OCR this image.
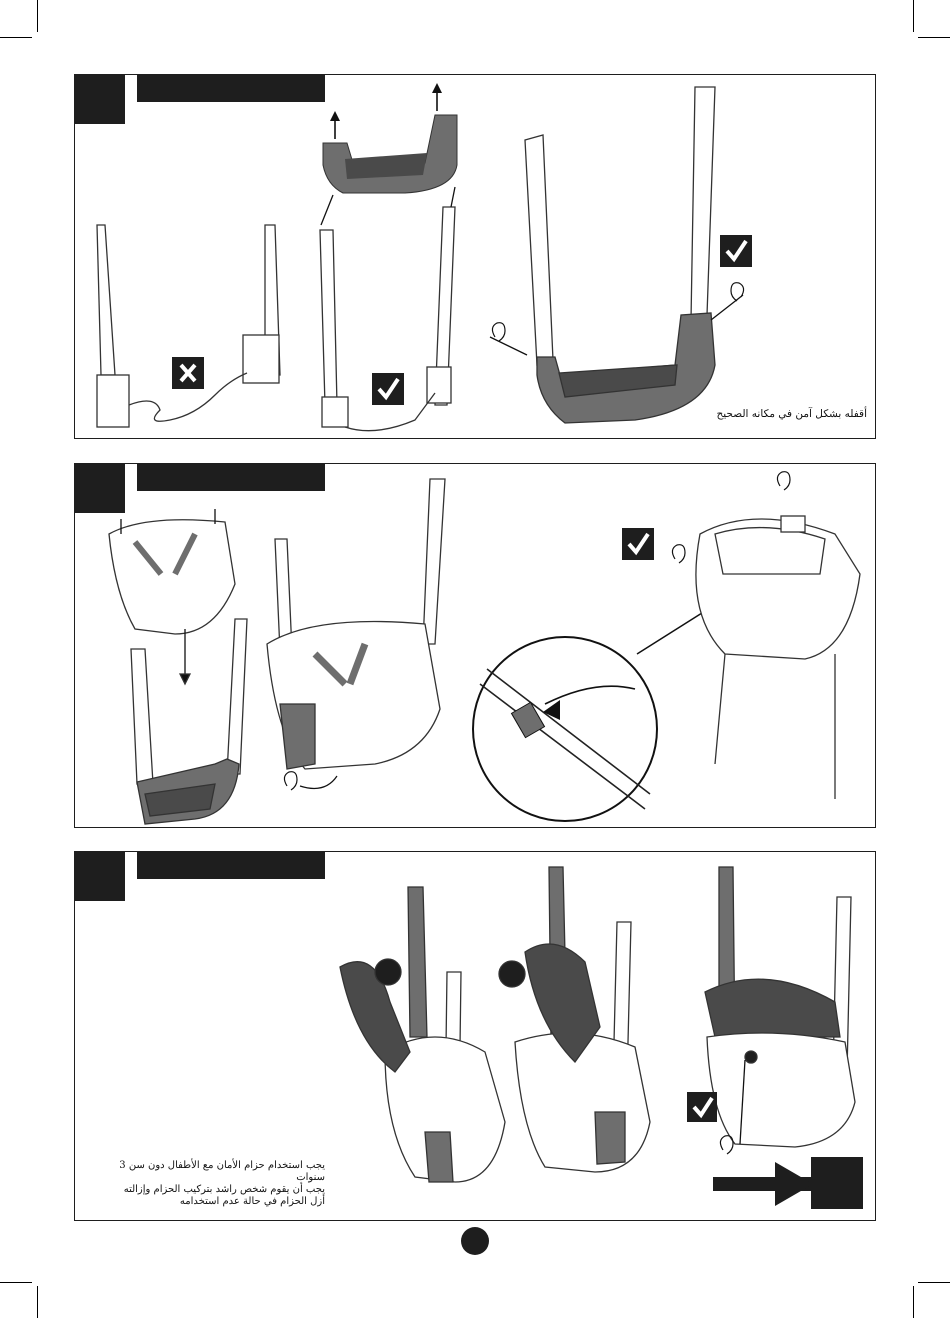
أقفله بشكل آمن في مكانه الصحيح
يجب استخدام حزام الأمان مع الأطفال دون سن 3 سنوات
يجب أن يقوم شخص راشد بتركيب الحزام وإزالته
أزل الحزام في حالة عدم استخدامه
